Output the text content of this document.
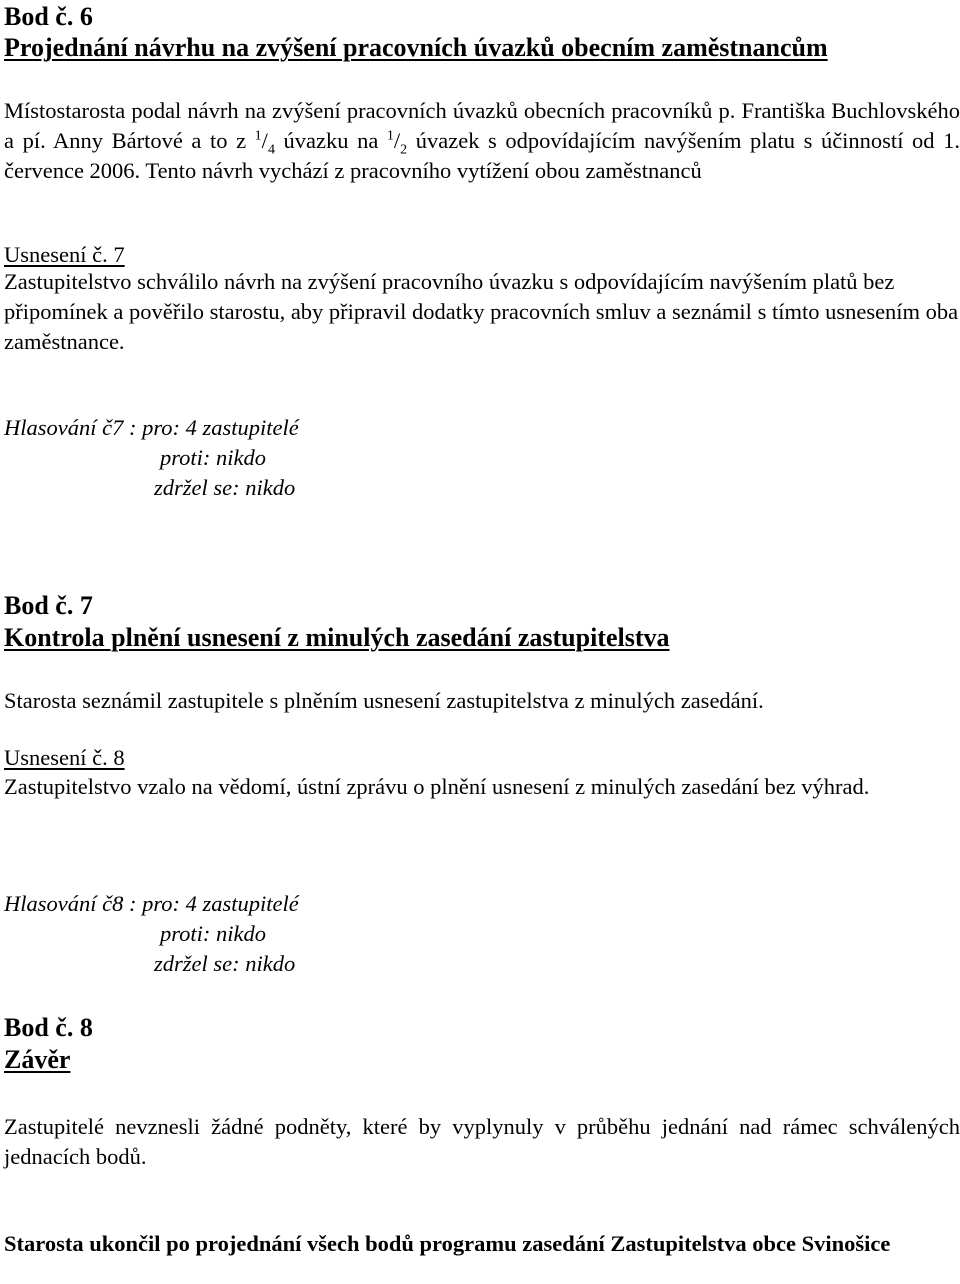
Bod č. 6
Projednání návrhu na zvýšení pracovních úvazků obecním zaměstnancům

Místostarosta podal návrh na zvýšení pracovních úvazků obecních pracovníků p. Františka Buchlovského a pí. Anny Bártové a to z $^1/_4$ úvazku na $^1/_2$ úvazek s odpovídajícím navýšením platu s účinností od 1. července 2006. Tento návrh vychází z pracovního vytížení obou zaměstnanců

Usnesení č. 7

Zastupitelstvo schválilo návrh na zvýšení pracovního úvazku s odpovídajícím navýšením platů bez připomínek a pověřilo starostu, aby připravil dodatky pracovních smluv a seznámil s tímto usnesením oba zaměstnance.

Hlasování č7 : pro: 4 zastupitelé
proti: nikdo
zdržel se: nikdo
Bod č. 7
Kontrola plnění usnesení z minulých zasedání zastupitelstva

Starosta seznámil zastupitele s plněním usnesení zastupitelstva z minulých zasedání.

Usnesení č. 8

Zastupitelstvo vzalo na vědomí, ústní zprávu o plnění usnesení z minulých zasedání bez výhrad.

Hlasování č8 : pro: 4 zastupitelé
proti: nikdo
zdržel se: nikdo
Bod č. 8
Závěr

Zastupitelé nevznesli žádné podněty, které by vyplynuly v průběhu jednání nad rámec schválených jednacích bodů.

Starosta ukončil po projednání všech bodů programu zasedání Zastupitelstva obce Svinošice
